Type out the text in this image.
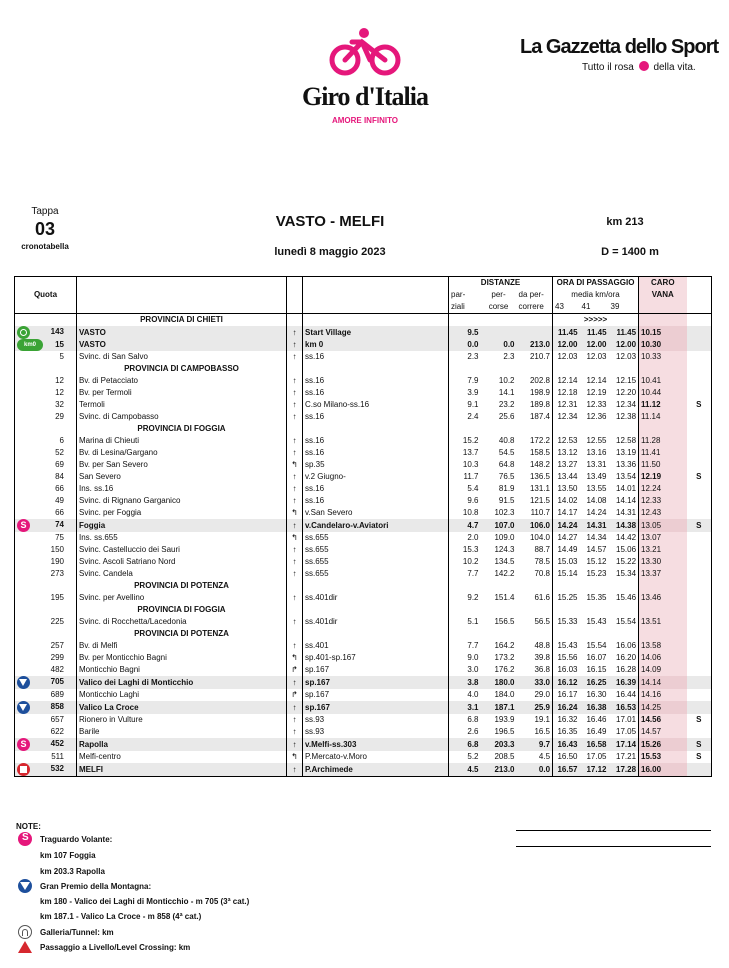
Giro d'Italia
AMORE INFINITO
La Gazzetta dello Sport
Tutto il rosa della vita.
Tappa
03
cronotabella
VASTO - MELFI
lunedì 8 maggio 2023
km 213
D = 1400 m
				DISTANZE			ORA DI PASSAGGIO			CARO	
Quota				par-	per-	da per-	media km/ora			VANA	
				ziali	corse	correre	43	41	39		
	PROVINCIA DI CHIETI						>>>>>				

143	VASTO	↑	Start Village	9.5			11.45	11.45	11.45	10.15	

km0 15	VASTO	↑	km 0	0.0	0.0	213.0	12.00	12.00	12.00	10.30	
5	Svinc. di San Salvo	↑	ss.16	2.3	2.3	210.7	12.03	12.03	12.03	10.33	
	PROVINCIA DI CAMPOBASSO										
12	Bv. di Petacciato	↑	ss.16	7.9	10.2	202.8	12.14	12.14	12.15	10.41	
12	Bv. per Termoli	↑	ss.16	3.9	14.1	198.9	12.18	12.19	12.20	10.44	
32	Termoli	↑	C.so Milano-ss.16	9.1	23.2	189.8	12.31	12.33	12.34	11.12	S
29	Svinc. di Campobasso	↑	ss.16	2.4	25.6	187.4	12.34	12.36	12.38	11.14	
	PROVINCIA DI FOGGIA										
6	Marina di Chieuti	↑	ss.16	15.2	40.8	172.2	12.53	12.55	12.58	11.28	
52	Bv. di Lesina/Gargano	↑	ss.16	13.7	54.5	158.5	13.12	13.16	13.19	11.41	
69	Bv. per San Severo	↰	sp.35	10.3	64.8	148.2	13.27	13.31	13.36	11.50	
84	San Severo	↑	v.2 Giugno-	11.7	76.5	136.5	13.44	13.49	13.54	12.19	S
66	Ins. ss.16	↑	ss.16	5.4	81.9	131.1	13.50	13.55	14.01	12.24	
49	Svinc. di Rignano Garganico	↑	ss.16	9.6	91.5	121.5	14.02	14.08	14.14	12.33	
66	Svinc. per Foggia	↰	v.San Severo	10.8	102.3	110.7	14.17	14.24	14.31	12.43	

S 74	Foggia	↑	v.Candelaro-v.Aviatori	4.7	107.0	106.0	14.24	14.31	14.38	13.05	S
75	Ins. ss.655	↰	ss.655	2.0	109.0	104.0	14.27	14.34	14.42	13.07	
150	Svinc. Castelluccio dei Sauri	↑	ss.655	15.3	124.3	88.7	14.49	14.57	15.06	13.21	
190	Svinc. Ascoli Satriano Nord	↑	ss.655	10.2	134.5	78.5	15.03	15.12	15.22	13.30	
273	Svinc. Candela	↑	ss.655	7.7	142.2	70.8	15.14	15.23	15.34	13.37	
	PROVINCIA DI POTENZA										
195	Svinc. per Avellino	↑	ss.401dir	9.2	151.4	61.6	15.25	15.35	15.46	13.46	
	PROVINCIA DI FOGGIA										
225	Svinc. di Rocchetta/Lacedonia	↑	ss.401dir	5.1	156.5	56.5	15.33	15.43	15.54	13.51	
	PROVINCIA DI POTENZA										
257	Bv. di Melfi	↑	ss.401	7.7	164.2	48.8	15.43	15.54	16.06	13.58	
299	Bv. per Monticchio Bagni	↰	sp.401-sp.167	9.0	173.2	39.8	15.56	16.07	16.20	14.06	
482	Monticchio Bagni	↱	sp.167	3.0	176.2	36.8	16.03	16.15	16.28	14.09	

705	Valico dei Laghi di Monticchio	↑	sp.167	3.8	180.0	33.0	16.12	16.25	16.39	14.14	
689	Monticchio Laghi	↱	sp.167	4.0	184.0	29.0	16.17	16.30	16.44	14.16	

858	Valico La Croce	↑	sp.167	3.1	187.1	25.9	16.24	16.38	16.53	14.25	
657	Rionero in Vulture	↑	ss.93	6.8	193.9	19.1	16.32	16.46	17.01	14.56	S
622	Barile	↑	ss.93	2.6	196.5	16.5	16.35	16.49	17.05	14.57	

S 452	Rapolla	↑	v.Melfi-ss.303	6.8	203.3	9.7	16.43	16.58	17.14	15.26	S
511	Melfi-centro	↰	P.Mercato-v.Moro	5.2	208.5	4.5	16.50	17.05	17.21	15.53	S

532	MELFI	↑	P.Archimede	4.5	213.0	0.0	16.57	17.12	17.28	16.00	
NOTE:
S Traguardo Volante:
km 107 Foggia
km 203.3 Rapolla
Gran Premio della Montagna:
km 180 - Valico dei Laghi di Monticchio - m 705 (3ª cat.)
km 187.1 - Valico La Croce - m 858 (4ª cat.)
Galleria/Tunnel: km
Passaggio a Livello/Level Crossing: km
